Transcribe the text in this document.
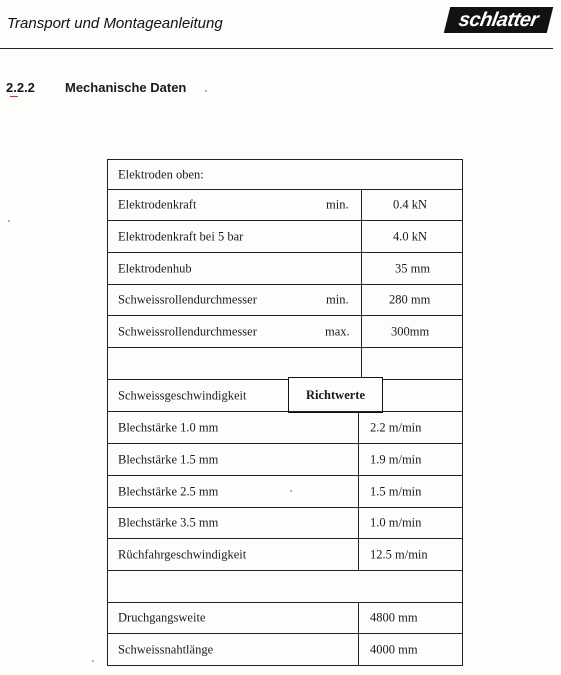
Transport und Montageanleitung	schlatter
2.2.2 Mechanische Daten
Elektroden oben:
Elektrodenkraft	min.	0.4 kN
Elektrodenkraft bei 5 bar	4.0 kN
Elektrodenhub	35 mm
Schweissrollendurchmesser	min.	280 mm
Schweissrollendurchmesser	max.	300mm
Schweissgeschwindigkeit	Richtwerte
Blechstärke 1.0 mm	2.2 m/min
Blechstärke 1.5 mm	1.9 m/min
Blechstärke 2.5 mm	1.5 m/min
Blechstärke 3.5 mm	1.0 m/min
Rüchfahrgeschwindigkeit	12.5 m/min
Druchgangsweite	4800 mm
Schweissnahtlänge	4000 mm
